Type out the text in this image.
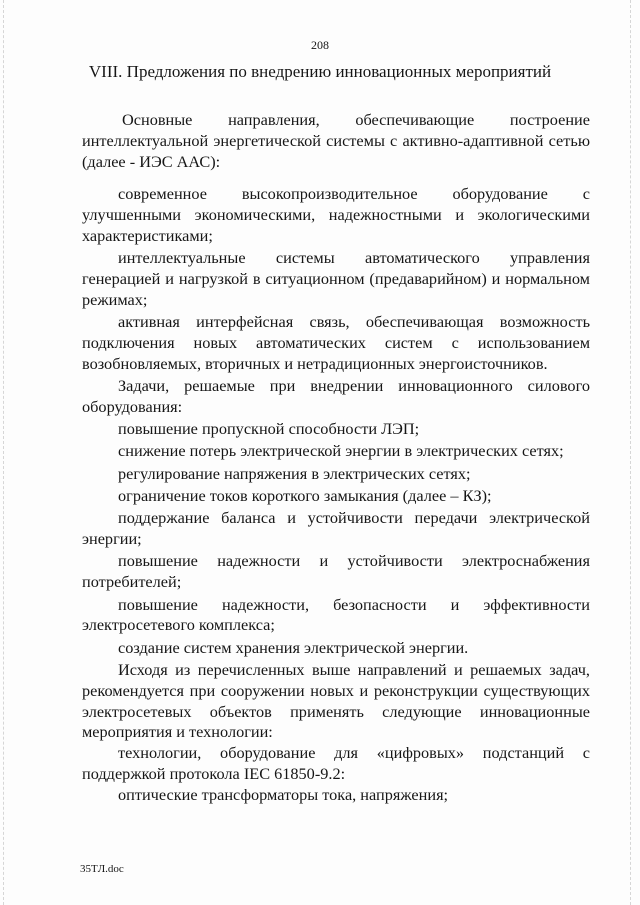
208
VIII. Предложения по внедрению инновационных мероприятий

Основные направления, обеспечивающие построение интеллектуальной энергетической системы с активно-адаптивной сетью (далее - ИЭС ААС):

современное высокопроизводительное оборудование с улучшенными экономическими, надежностными и экологическими характеристиками;

интеллектуальные системы автоматического управления генерацией и нагрузкой в ситуационном (предаварийном) и нормальном режимах;

активная интерфейсная связь, обеспечивающая возможность подключения новых автоматических систем с использованием возобновляемых, вторичных и нетрадиционных энергоисточников.

Задачи, решаемые при внедрении инновационного силового оборудования:

повышение пропускной способности ЛЭП;

снижение потерь электрической энергии в электрических сетях;

регулирование напряжения в электрических сетях;

ограничение токов короткого замыкания (далее – КЗ);

поддержание баланса и устойчивости передачи электрической энергии;

повышение надежности и устойчивости электроснабжения потребителей;

повышение надежности, безопасности и эффективности электросетевого комплекса;

создание систем хранения электрической энергии.

Исходя из перечисленных выше направлений и решаемых задач, рекомендуется при сооружении новых и реконструкции существующих электросетевых объектов применять следующие инновационные мероприятия и технологии:

технологии, оборудование для «цифровых» подстанций с поддержкой протокола IEC 61850-9.2:

оптические трансформаторы тока, напряжения;

35TЛ.doc
